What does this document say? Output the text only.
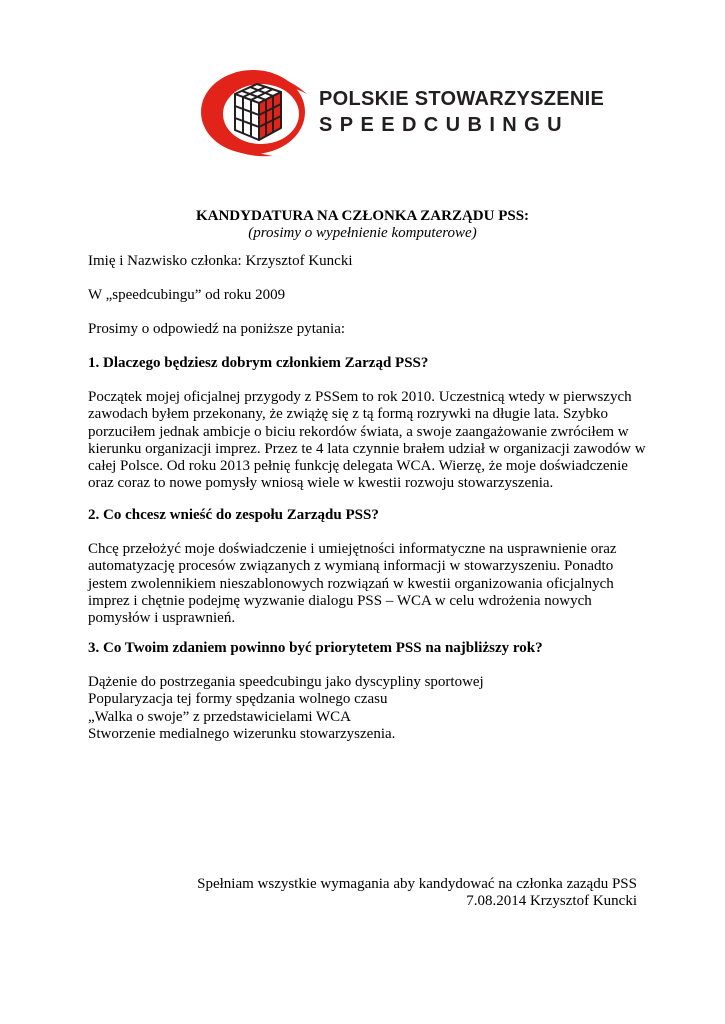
POLSKIE STOWARZYSZENIE
SPEEDCUBINGU
KANDYDATURA NA CZŁONKA ZARZĄDU PSS:
(prosimy o wypełnienie komputerowe)
Imię i Nazwisko członka: Krzysztof Kuncki
W „speedcubingu” od roku 2009
Prosimy o odpowiedź na poniższe pytania:
1. Dlaczego będziesz dobrym członkiem Zarząd PSS?
Początek mojej oficjalnej przygody z PSSem to rok 2010. Uczestnicą wtedy w pierwszych
zawodach byłem przekonany, że zwiążę się z tą formą rozrywki na długie lata. Szybko
porzuciłem jednak ambicje o biciu rekordów świata, a swoje zaangażowanie zwróciłem w
kierunku organizacji imprez. Przez te 4 lata czynnie brałem udział w organizacji zawodów w
całej Polsce. Od roku 2013 pełnię funkcję delegata WCA. Wierzę, że moje doświadczenie
oraz coraz to nowe pomysły wniosą wiele w kwestii rozwoju stowarzyszenia.
2. Co chcesz wnieść do zespołu Zarządu PSS?
Chcę przełożyć moje doświadczenie i umiejętności informatyczne na usprawnienie oraz
automatyzację procesów związanych z wymianą informacji w stowarzyszeniu. Ponadto
jestem zwolennikiem nieszablonowych rozwiązań w kwestii organizowania oficjalnych
imprez i chętnie podejmę wyzwanie dialogu PSS – WCA w celu wdrożenia nowych
pomysłów i usprawnień.
3. Co Twoim zdaniem powinno być priorytetem PSS na najbliższy rok?
Dążenie do postrzegania speedcubingu jako dyscypliny sportowej
Popularyzacja tej formy spędzania wolnego czasu
„Walka o swoje” z przedstawicielami WCA
Stworzenie medialnego wizerunku stowarzyszenia.
Spełniam wszystkie wymagania aby kandydować na członka zaządu PSS
7.08.2014 Krzysztof Kuncki
